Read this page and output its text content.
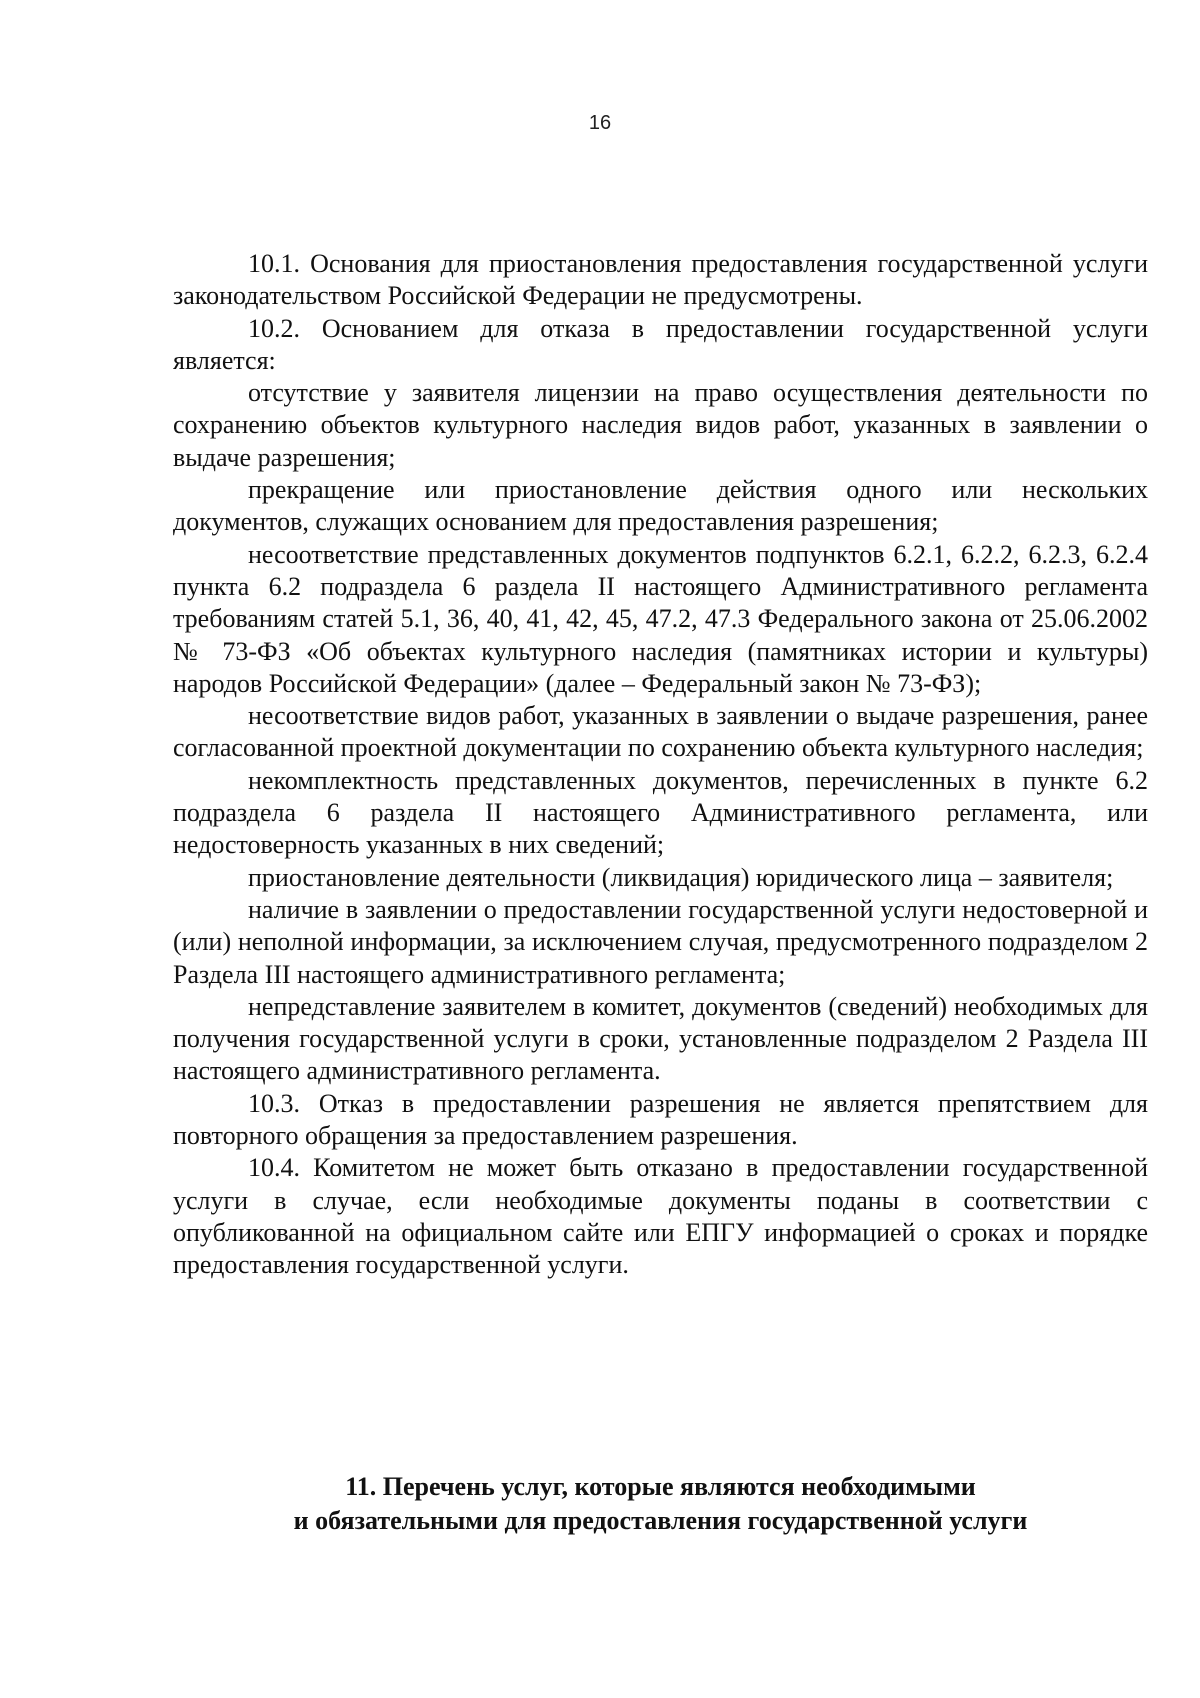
16

10.1. Основания для приостановления предоставления государственной услуги законодательством Российской Федерации не предусмотрены.

10.2. Основанием для отказа в предоставлении государственной услуги является:

отсутствие у заявителя лицензии на право осуществления деятельности по сохранению объектов культурного наследия видов работ, указанных в заявлении о выдаче разрешения;

прекращение или приостановление действия одного или нескольких документов, служащих основанием для предоставления разрешения;

несоответствие представленных документов подпунктов 6.2.1, 6.2.2, 6.2.3, 6.2.4 пункта 6.2 подраздела 6 раздела II настоящего Административного регламента требованиям статей 5.1, 36, 40, 41, 42, 45, 47.2, 47.3 Федерального закона от 25.06.2002 № 73-ФЗ «Об объектах культурного наследия (памятниках истории и культуры) народов Российской Федерации» (далее – Федеральный закон № 73-ФЗ);

несоответствие видов работ, указанных в заявлении о выдаче разрешения, ранее согласованной проектной документации по сохранению объекта культурного наследия;

некомплектность представленных документов, перечисленных в пункте 6.2 подраздела 6 раздела II настоящего Административного регламента, или недостоверность указанных в них сведений;

приостановление деятельности (ликвидация) юридического лица – заявителя;

наличие в заявлении о предоставлении государственной услуги недостоверной и (или) неполной информации, за исключением случая, предусмотренного подразделом 2 Раздела III настоящего административного регламента;

непредставление заявителем в комитет, документов (сведений) необходимых для получения государственной услуги в сроки, установленные подразделом 2 Раздела III настоящего административного регламента.

10.3. Отказ в предоставлении разрешения не является препятствием для повторного обращения за предоставлением разрешения.

10.4. Комитетом не может быть отказано в предоставлении государственной услуги в случае, если необходимые документы поданы в соответствии с опубликованной на официальном сайте или ЕПГУ информацией о сроках и порядке предоставления государственной услуги.

11. Перечень услуг, которые являются необходимыми
и обязательными для предоставления государственной услуги
